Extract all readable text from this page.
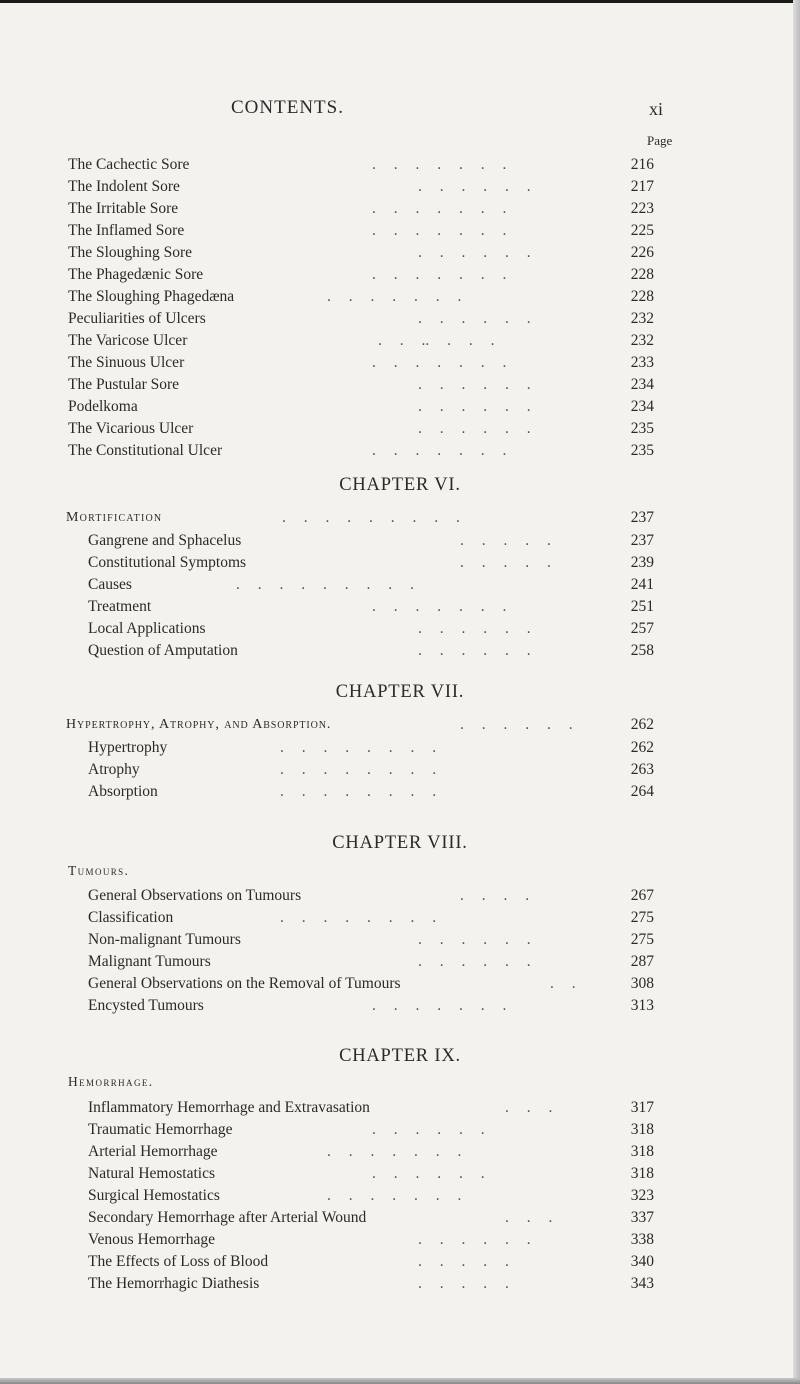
CONTENTS.	xi
Page
The Cachectic Sore	. . . . . . .	216
The Indolent Sore	. . . . . .	217
The Irritable Sore	. . . . . . .	223
The Inflamed Sore	. . . . . . .	225
The Sloughing Sore	. . . . . .	226
The Phagedænic Sore	. . . . . . .	228
The Sloughing Phagedæna	. . . . . . .	228
Peculiarities of Ulcers	. . . . . .	232
The Varicose Ulcer	. . .. . . .	232
The Sinuous Ulcer	. . . . . . .	233
The Pustular Sore	. . . . . .	234
Podelkoma	. . . . . .	234
The Vicarious Ulcer	. . . . . .	235
The Constitutional Ulcer	. . . . . . .	235
CHAPTER VI.
Mortification	. . . . . . . . .	237
Gangrene and Sphacelus	. . . . .	237
Constitutional Symptoms	. . . . .	239
Causes	. . . . . . . . .	241
Treatment	. . . . . . .	251
Local Applications	. . . . . .	257
Question of Amputation	. . . . . .	258
CHAPTER VII.
Hypertrophy, Atrophy, and Absorption.	. . . . . .	262
Hypertrophy	. . . . . . . .	262
Atrophy	. . . . . . . .	263
Absorption	. . . . . . . .	264
CHAPTER VIII.
Tumours.
General Observations on Tumours	. . . .	267
Classification	. . . . . . . .	275
Non-malignant Tumours	. . . . . .	275
Malignant Tumours	. . . . . .	287
General Observations on the Removal of Tumours	. .	308
Encysted Tumours	. . . . . . .	313
CHAPTER IX.
Hemorrhage.
Inflammatory Hemorrhage and Extravasation	. . .	317
Traumatic Hemorrhage	. . . . . .	318
Arterial Hemorrhage	. . . . . . .	318
Natural Hemostatics	. . . . . .	318
Surgical Hemostatics	. . . . . . .	323
Secondary Hemorrhage after Arterial Wound	. . .	337
Venous Hemorrhage	. . . . . .	338
The Effects of Loss of Blood	. . . . .	340
The Hemorrhagic Diathesis	. . . . .	343
